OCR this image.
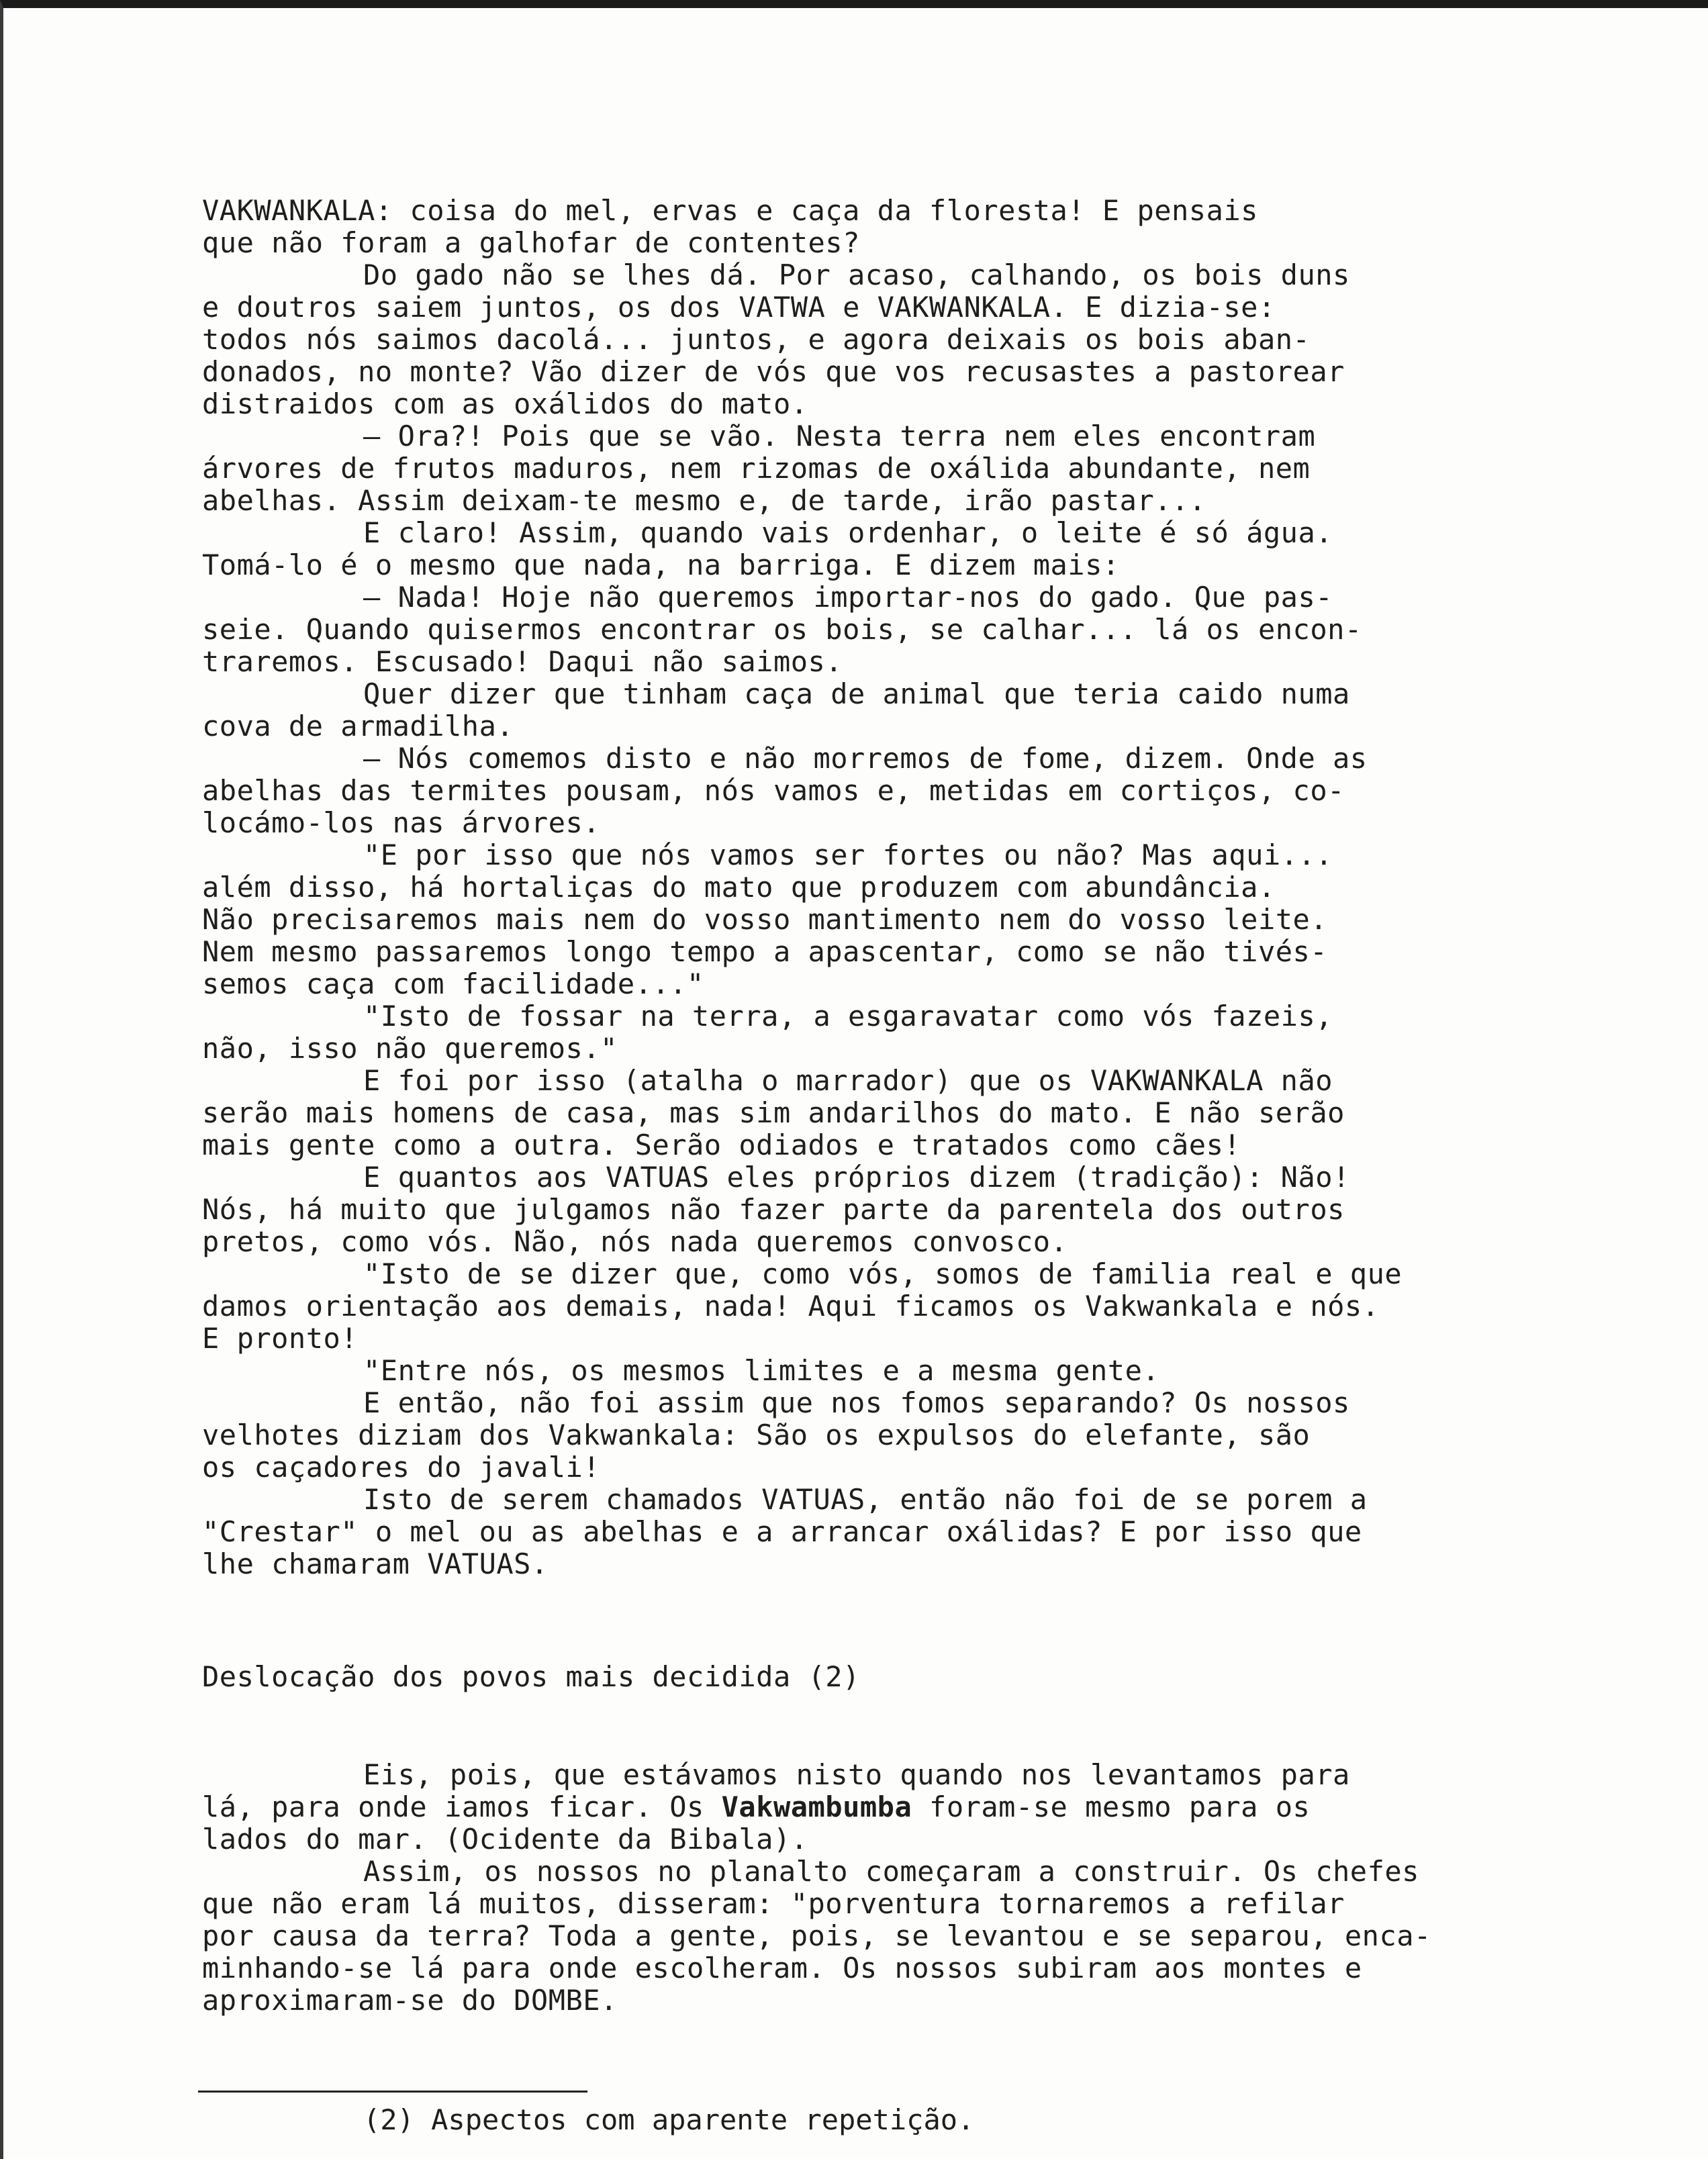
VAKWANKALA: coisa do mel, ervas e caça da floresta! E pensais

que não foram a galhofar de contentes?

Do gado não se lhes dá. Por acaso, calhando, os bois duns

e doutros saiem juntos, os dos VATWA e VAKWANKALA. E dizia-se:

todos nós saimos dacolá... juntos, e agora deixais os bois aban-

donados, no monte? Vão dizer de vós que vos recusastes a pastorear

distraidos com as oxálidos do mato.

— Ora?! Pois que se vão. Nesta terra nem eles encontram

árvores de frutos maduros, nem rizomas de oxálida abundante, nem

abelhas. Assim deixam-te mesmo e, de tarde, irão pastar...

E claro! Assim, quando vais ordenhar, o leite é só água.

Tomá-lo é o mesmo que nada, na barriga. E dizem mais:

— Nada! Hoje não queremos importar-nos do gado. Que pas-

seie. Quando quisermos encontrar os bois, se calhar... lá os encon-

traremos. Escusado! Daqui não saimos.

Quer dizer que tinham caça de animal que teria caido numa

cova de armadilha.

— Nós comemos disto e não morremos de fome, dizem. Onde as

abelhas das termites pousam, nós vamos e, metidas em cortiços, co-

locámo-los nas árvores.

"E por isso que nós vamos ser fortes ou não? Mas aqui...

além disso, há hortaliças do mato que produzem com abundância.

Não precisaremos mais nem do vosso mantimento nem do vosso leite.

Nem mesmo passaremos longo tempo a apascentar, como se não tivés-

semos caça com facilidade..."

"Isto de fossar na terra, a esgaravatar como vós fazeis,

não, isso não queremos."

E foi por isso (atalha o marrador) que os VAKWANKALA não

serão mais homens de casa, mas sim andarilhos do mato. E não serão

mais gente como a outra. Serão odiados e tratados como cães!

E quantos aos VATUAS eles próprios dizem (tradição): Não!

Nós, há muito que julgamos não fazer parte da parentela dos outros

pretos, como vós. Não, nós nada queremos convosco.

"Isto de se dizer que, como vós, somos de familia real e que

damos orientação aos demais, nada! Aqui ficamos os Vakwankala e nós.

E pronto!

"Entre nós, os mesmos limites e a mesma gente.

E então, não foi assim que nos fomos separando? Os nossos

velhotes diziam dos Vakwankala: São os expulsos do elefante, são

os caçadores do javali!

Isto de serem chamados VATUAS, então não foi de se porem a

"Crestar" o mel ou as abelhas e a arrancar oxálidas? E por isso que

lhe chamaram VATUAS.

Deslocação dos povos mais decidida (2)

Eis, pois, que estávamos nisto quando nos levantamos para

lá, para onde iamos ficar. Os Vakwambumba foram-se mesmo para os

lados do mar. (Ocidente da Bibala).

Assim, os nossos no planalto começaram a construir. Os chefes

que não eram lá muitos, disseram: "porventura tornaremos a refilar

por causa da terra? Toda a gente, pois, se levantou e se separou, enca-

minhando-se lá para onde escolheram. Os nossos subiram aos montes e

aproximaram-se do DOMBE.

(2) Aspectos com aparente repetição.
